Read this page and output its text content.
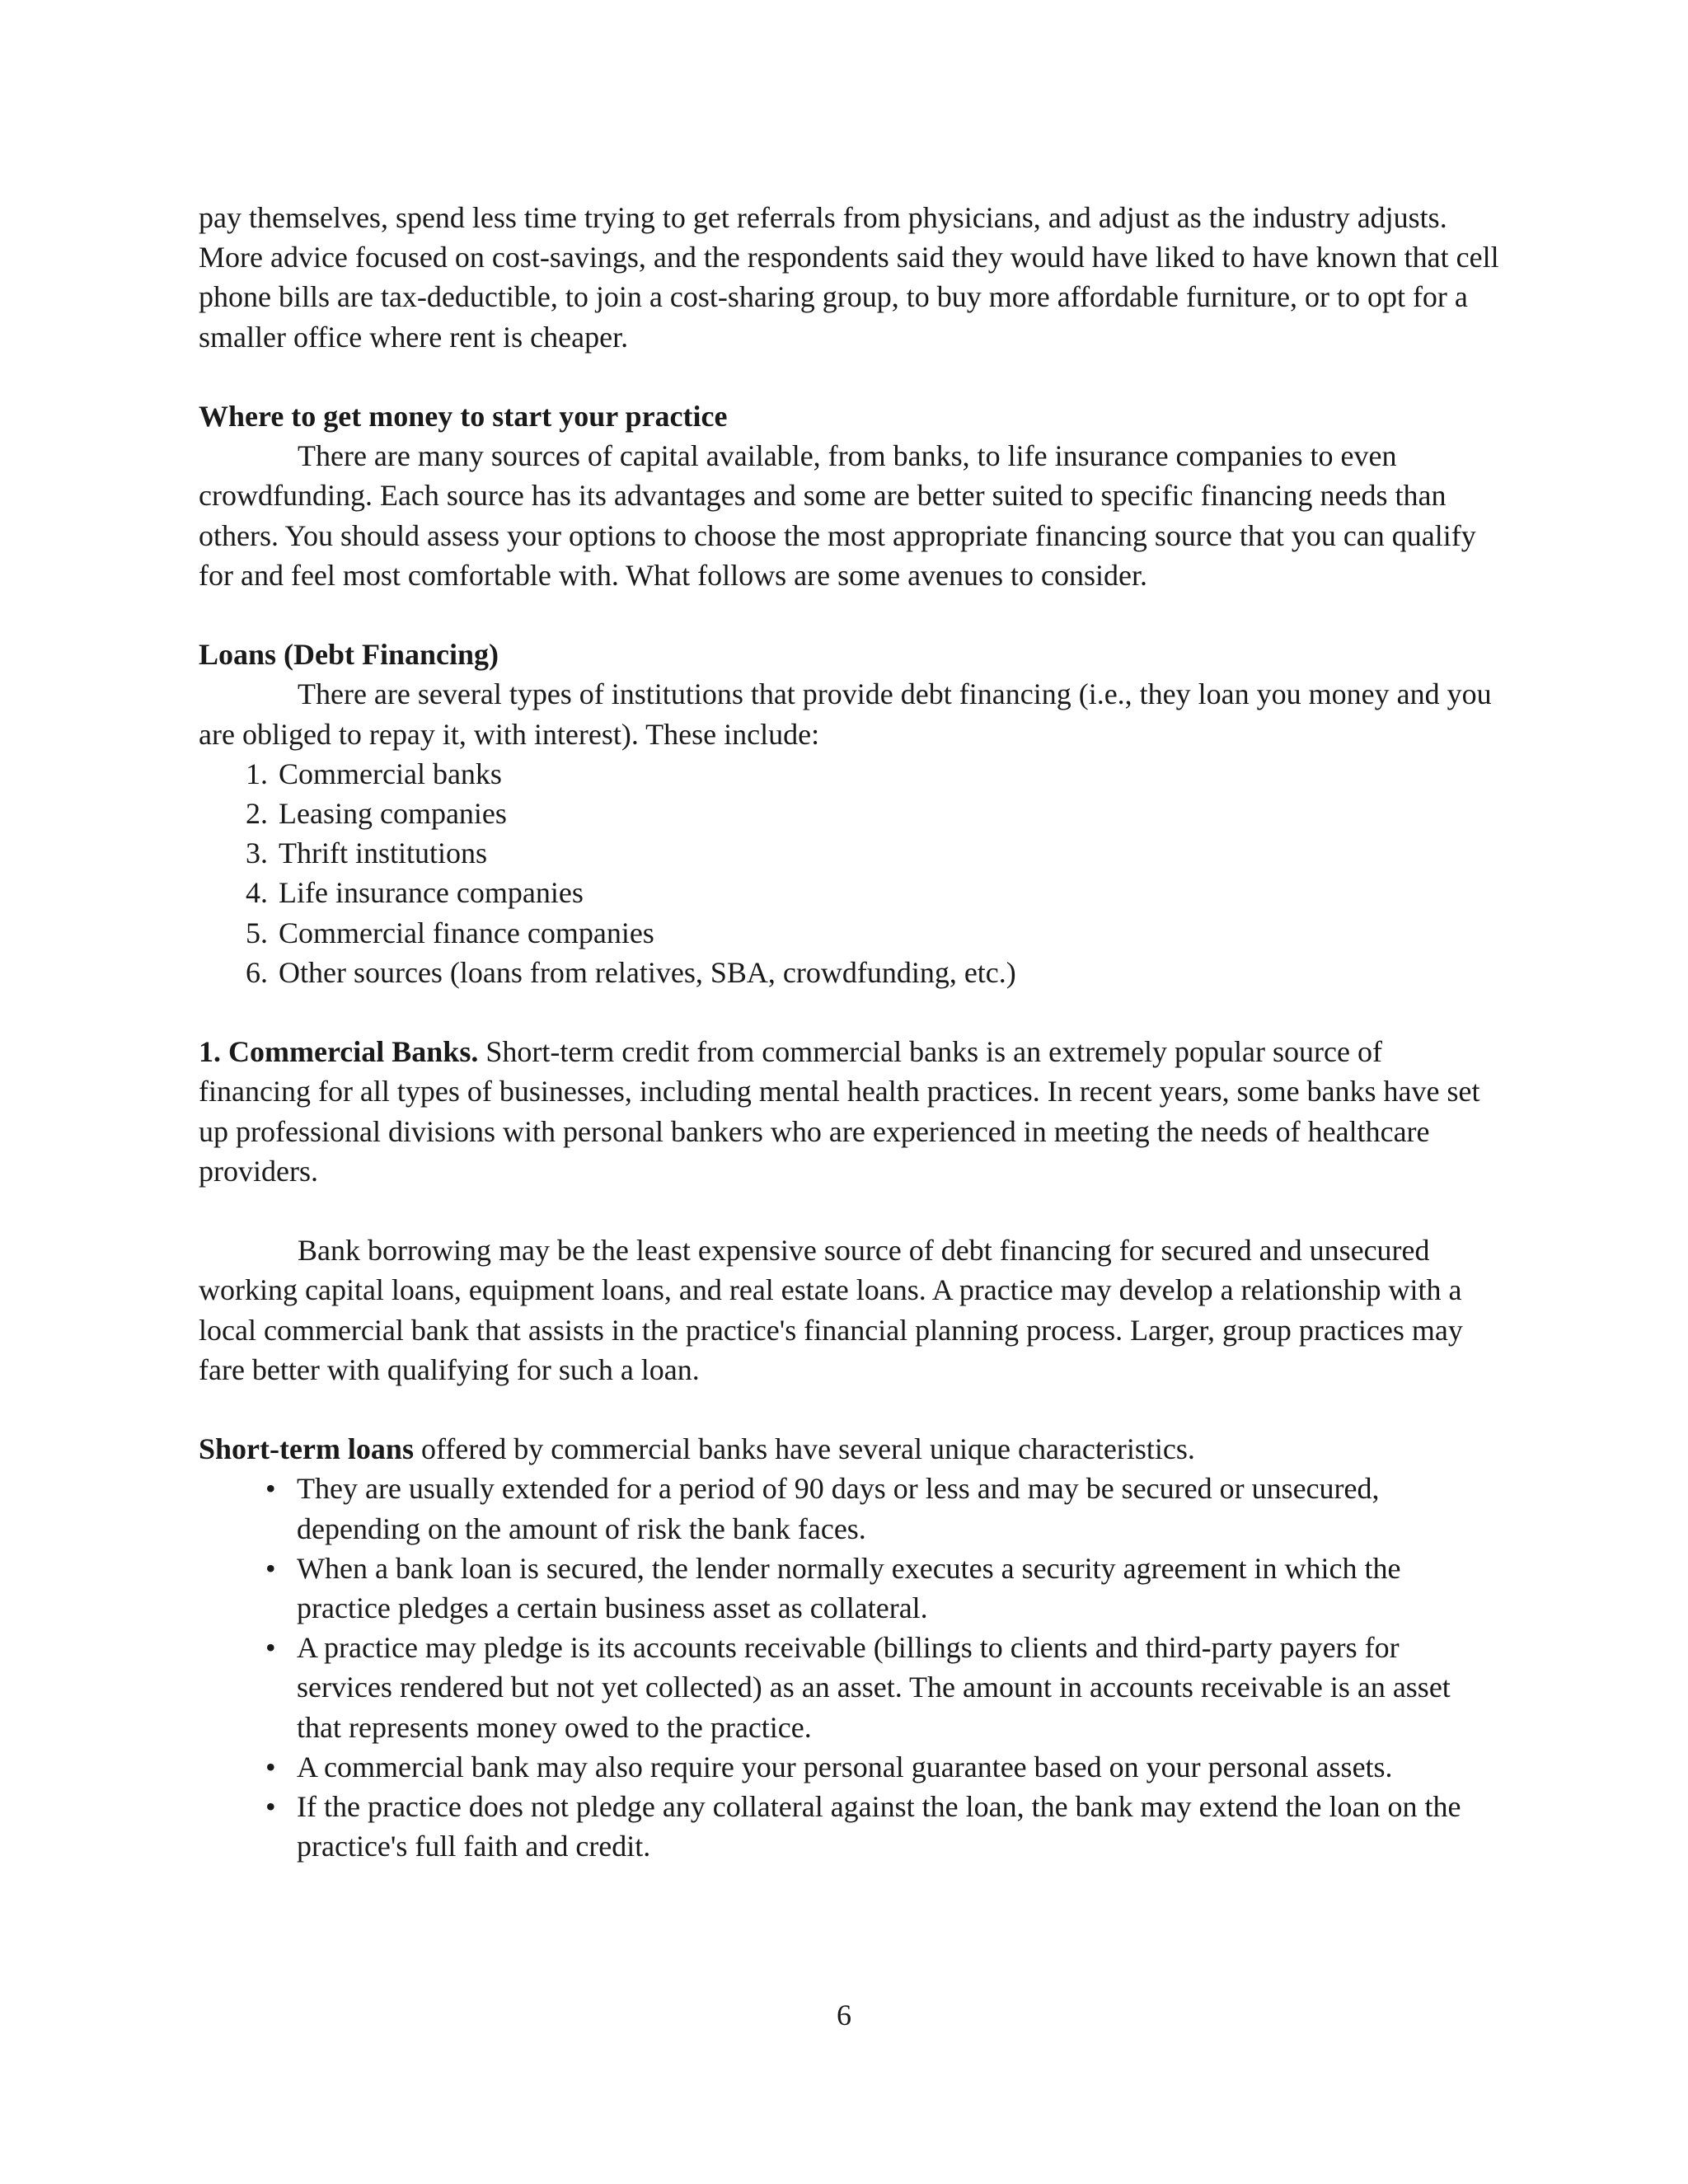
pay themselves, spend less time trying to get referrals from physicians, and adjust as the industry adjusts. More advice focused on cost-savings, and the respondents said they would have liked to have known that cell phone bills are tax-deductible, to join a cost-sharing group, to buy more affordable furniture, or to opt for a smaller office where rent is cheaper.

Where to get money to start your practice

There are many sources of capital available, from banks, to life insurance companies to even crowdfunding. Each source has its advantages and some are better suited to specific financing needs than others. You should assess your options to choose the most appropriate financing source that you can qualify for and feel most comfortable with. What follows are some avenues to consider.

Loans (Debt Financing)

There are several types of institutions that provide debt financing (i.e., they loan you money and you are obliged to repay it, with interest). These include:

1. Commercial banks
2. Leasing companies
3. Thrift institutions
4. Life insurance companies
5. Commercial finance companies
6. Other sources (loans from relatives, SBA, crowdfunding, etc.)

1. Commercial Banks. Short-term credit from commercial banks is an extremely popular source of financing for all types of businesses, including mental health practices. In recent years, some banks have set up professional divisions with personal bankers who are experienced in meeting the needs of healthcare providers.

Bank borrowing may be the least expensive source of debt financing for secured and unsecured working capital loans, equipment loans, and real estate loans. A practice may develop a relationship with a local commercial bank that assists in the practice's financial planning process. Larger, group practices may fare better with qualifying for such a loan.

Short-term loans offered by commercial banks have several unique characteristics.

• They are usually extended for a period of 90 days or less and may be secured or unsecured, depending on the amount of risk the bank faces.
• When a bank loan is secured, the lender normally executes a security agreement in which the practice pledges a certain business asset as collateral.
• A practice may pledge is its accounts receivable (billings to clients and third-party payers for services rendered but not yet collected) as an asset. The amount in accounts receivable is an asset that represents money owed to the practice.
• A commercial bank may also require your personal guarantee based on your personal assets.
• If the practice does not pledge any collateral against the loan, the bank may extend the loan on the practice's full faith and credit.
6
